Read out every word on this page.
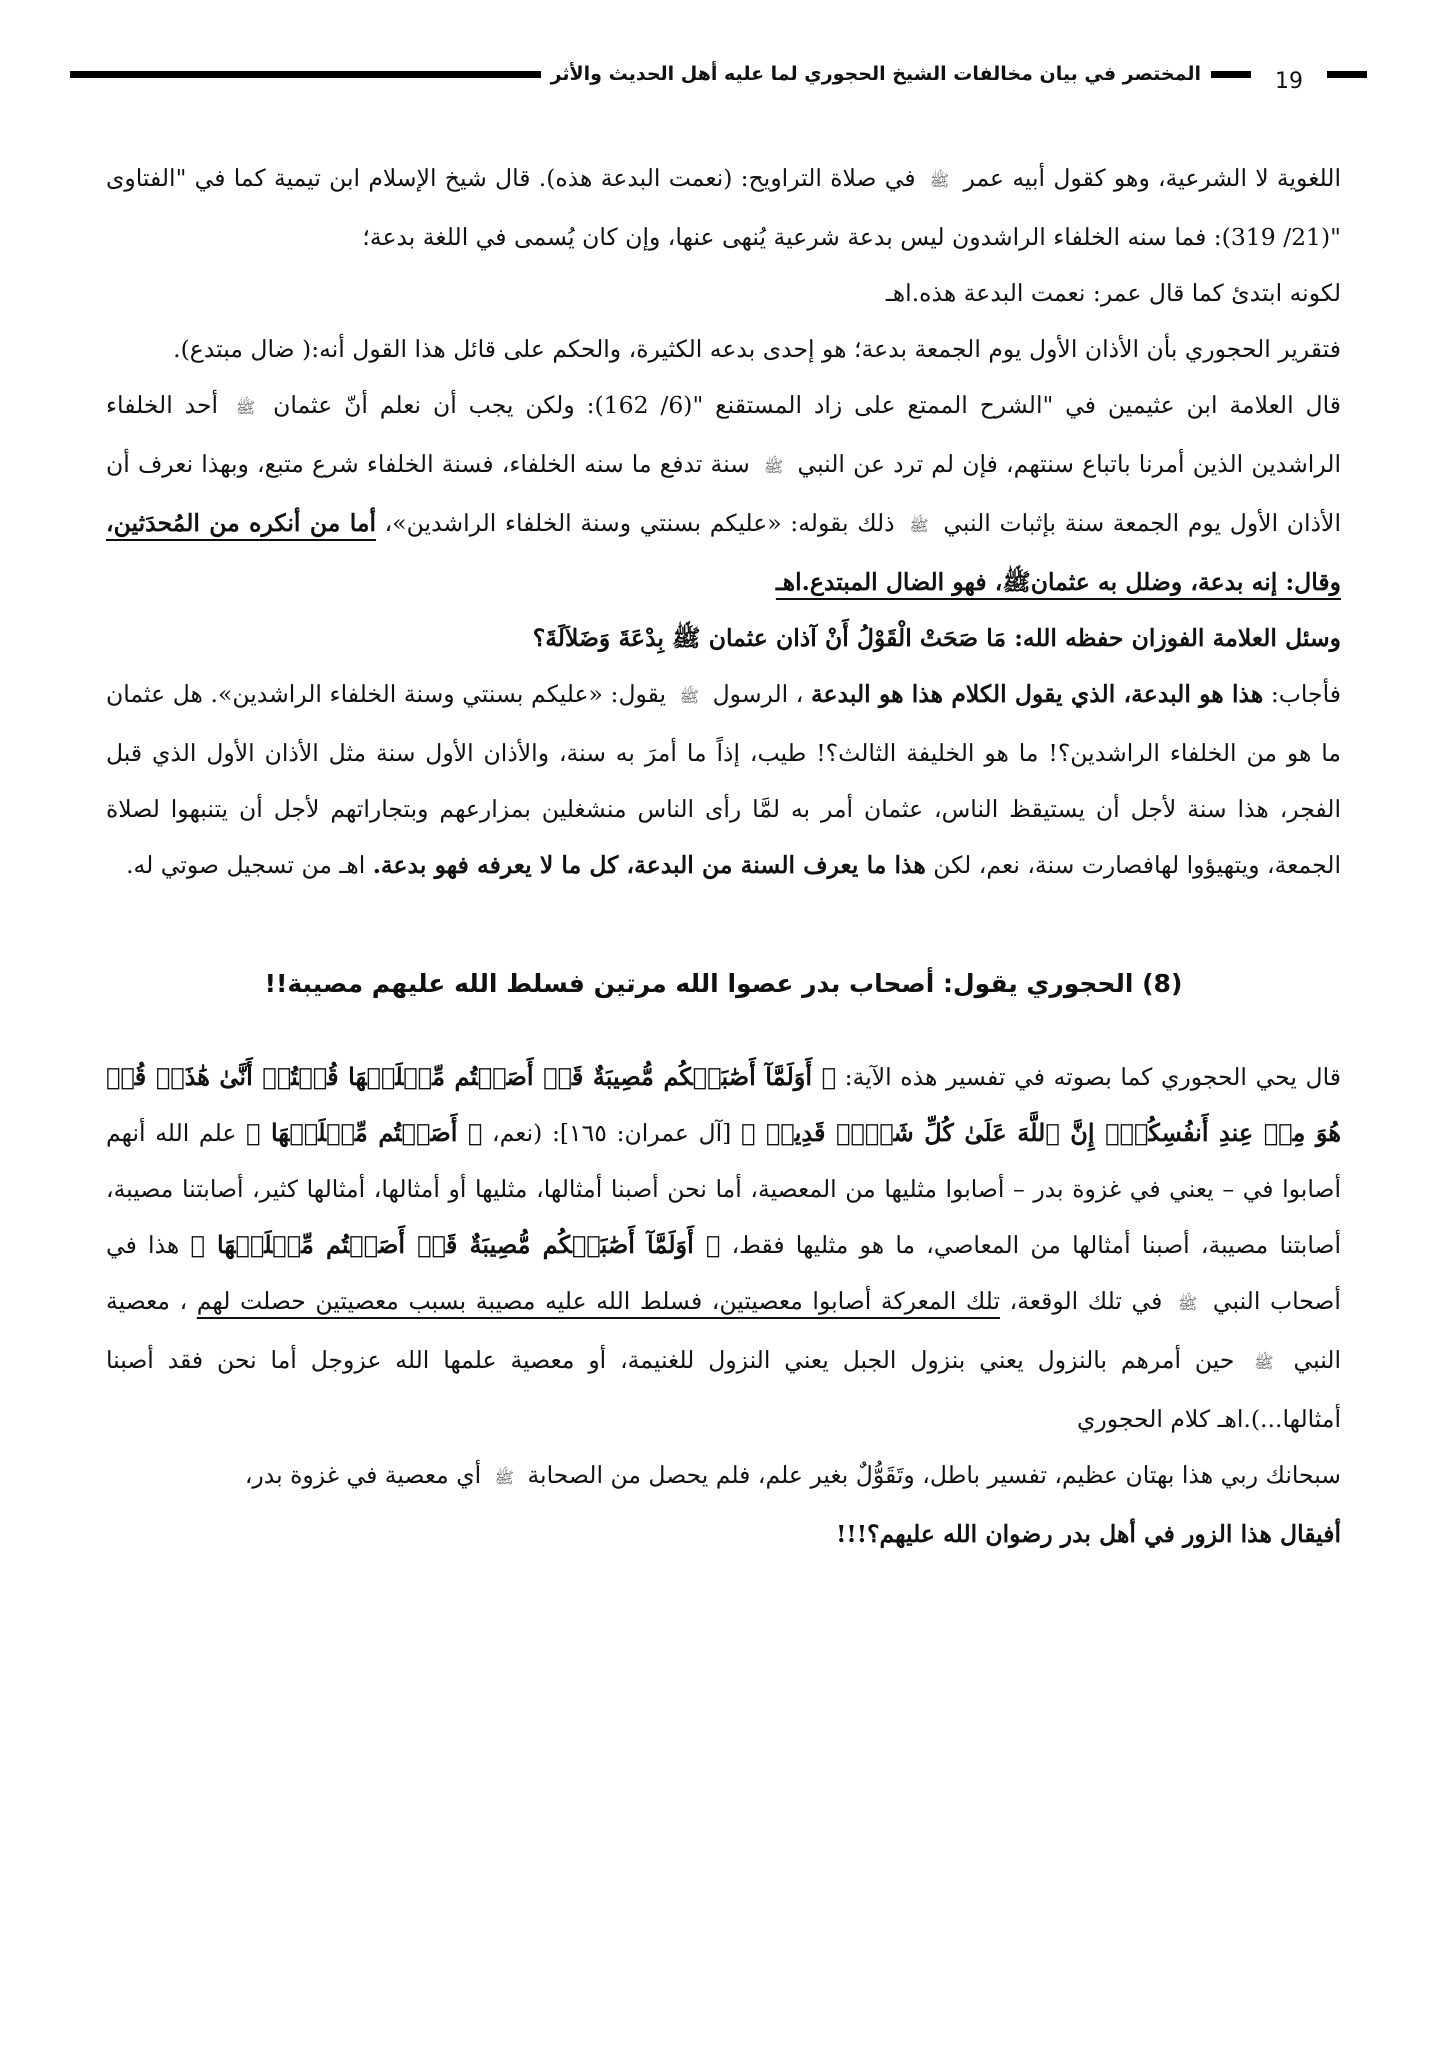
المختصر في بيان مخالفات الشيخ الحجوري لما عليه أهل الحديث والأثر	19

اللغوية لا الشرعية، وهو كقول أبيه عمر ﷺ في صلاة التراويح: (نعمت البدعة هذه). قال شيخ الإسلام ابن تيمية كما في "الفتاوى "(21/ 319): فما سنه الخلفاء الراشدون ليس بدعة شرعية يُنهى عنها، وإن كان يُسمى في اللغة بدعة؛
لكونه ابتدئ كما قال عمر: نعمت البدعة هذه.اهـ

فتقرير الحجوري بأن الأذان الأول يوم الجمعة بدعة؛ هو إحدى بدعه الكثيرة، والحكم على قائل هذا القول أنه:( ضال مبتدع).

قال العلامة ابن عثيمين في "الشرح الممتع على زاد المستقنع "(6/ 162): ولكن يجب أن نعلم أنّ عثمان ﷺ أحد الخلفاء الراشدين الذين أمرنا باتباع سنتهم، فإن لم ترد عن النبي ﷺ سنة تدفع ما سنه الخلفاء، فسنة الخلفاء شرع متبع، وبهذا نعرف أن الأذان الأول يوم الجمعة سنة بإثبات النبي ﷺ ذلك بقوله: «عليكم بسنتي وسنة الخلفاء الراشدين»، أما من أنكره من المُحدَثين، وقال: إنه بدعة، وضلل به عثمانﷺ، فهو الضال المبتدع.اهـ

وسئل العلامة الفوزان حفظه الله: مَا صَحَتْ الْقَوْلُ أَنْ آذان عثمان ﷺ بِدْعَةَ وَضَلاَلَةَ؟

فأجاب: هذا هو البدعة، الذي يقول الكلام هذا هو البدعة ، الرسول ﷺ يقول: «عليكم بسنتي وسنة الخلفاء الراشدين». هل عثمان ما هو من الخلفاء الراشدين؟! ما هو الخليفة الثالث؟! طيب، إذاً ما أمرَ به سنة، والأذان الأول سنة مثل الأذان الأول الذي قبل الفجر، هذا سنة لأجل أن يستيقظ الناس، عثمان أمر به لمَّا رأى الناس منشغلين بمزارعهم وبتجاراتهم لأجل أن يتنبهوا لصلاة الجمعة، ويتهيؤوا لهافصارت سنة، نعم، لكن هذا ما يعرف السنة من البدعة، كل ما لا يعرفه فهو بدعة. اهـ من تسجيل صوتي له.

(8) الحجوري يقول: أصحاب بدر عصوا الله مرتين فسلط الله عليهم مصيبة!!

قال يحي الحجوري كما بصوته في تفسير هذه الآية: ﴿ أَوَلَمَّآ أَصَٰبَتۡكُم مُّصِيبَةٌ قَدۡ أَصَبۡتُم مِّثۡلَيۡهَا قُلۡتُمۡ أَنَّىٰ هَٰذَاۖ قُلۡ هُوَ مِنۡ عِندِ أَنفُسِكُمۡۗ إِنَّ ٱللَّهَ عَلَىٰ كُلِّ شَيۡءٖ قَدِيرٞ ﴾ [آل عمران: ١٦٥]: (نعم، ﴿ أَصَبۡتُم مِّثۡلَيۡهَا ﴾ علم الله أنهم أصابوا في – يعني في غزوة بدر – أصابوا مثليها من المعصية، أما نحن أصبنا أمثالها، مثليها أو أمثالها، أمثالها كثير، أصابتنا مصيبة، أصابتنا مصيبة، أصبنا أمثالها من المعاصي، ما هو مثليها فقط، ﴿ أَوَلَمَّآ أَصَٰبَتۡكُم مُّصِيبَةٌ قَدۡ أَصَبۡتُم مِّثۡلَيۡهَا ﴾ هذا في أصحاب النبي ﷺ في تلك الوقعة، تلك المعركة أصابوا معصيتين، فسلط الله عليه مصيبة بسبب معصيتين حصلت لهم ، معصية النبي ﷺ حين أمرهم بالنزول يعني بنزول الجبل يعني النزول للغنيمة، أو معصية علمها الله عزوجل أما نحن فقد أصبنا أمثالها...).اهـ كلام الحجوري

سبحانك ربي هذا بهتان عظيم، تفسير باطل، وتَقَوُّلٌ بغير علم، فلم يحصل من الصحابة ﷺ أي معصية في غزوة بدر،

أفيقال هذا الزور في أهل بدر رضوان الله عليهم؟!!!
